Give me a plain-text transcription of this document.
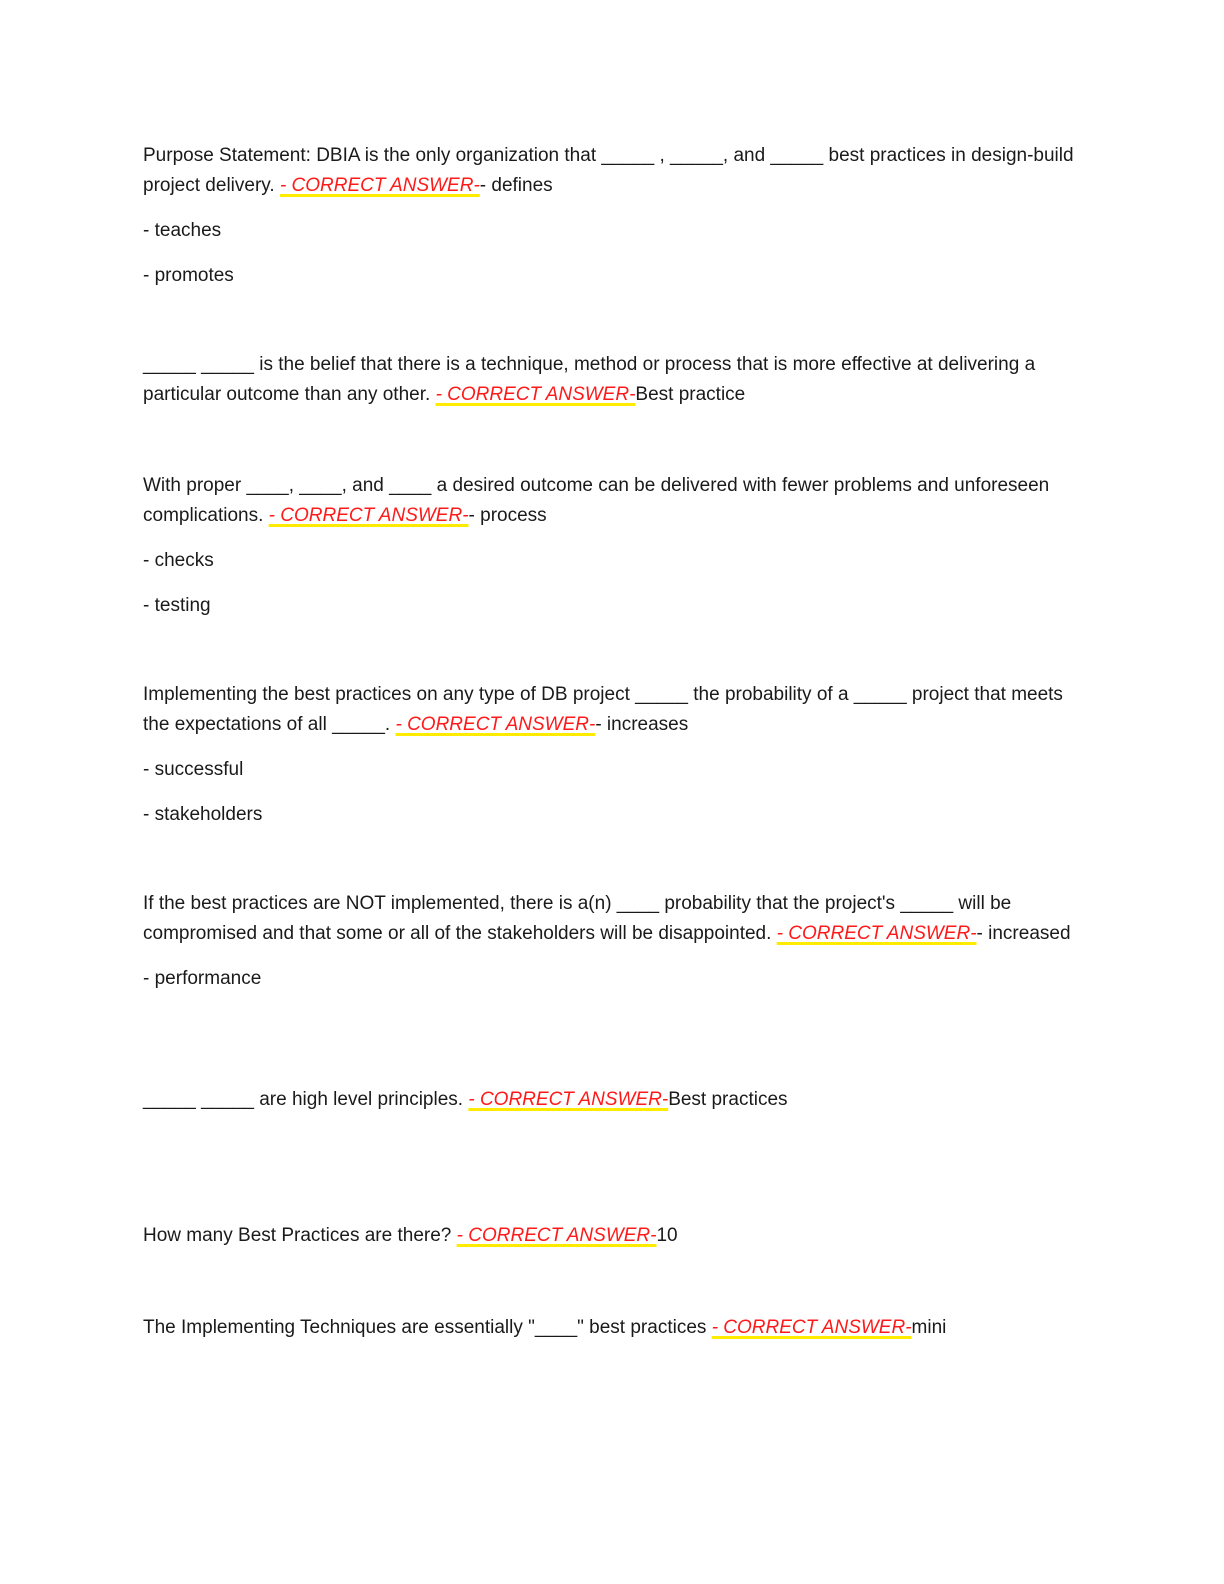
Purpose Statement: DBIA is the only organization that _____ , _____, and _____ best practices in design-build project delivery. - CORRECT ANSWER-- defines

- teaches
- promotes

_____ _____ is the belief that there is a technique, method or process that is more effective at delivering a particular outcome than any other. - CORRECT ANSWER-Best practice

With proper ____, ____, and ____ a desired outcome can be delivered with fewer problems and unforeseen complications. - CORRECT ANSWER-- process

- checks
- testing

Implementing the best practices on any type of DB project _____ the probability of a _____ project that meets the expectations of all _____. - CORRECT ANSWER-- increases

- successful
- stakeholders

If the best practices are NOT implemented, there is a(n) ____ probability that the project's _____ will be compromised and that some or all of the stakeholders will be disappointed. - CORRECT ANSWER-- increased

- performance

_____ _____ are high level principles. - CORRECT ANSWER-Best practices

How many Best Practices are there? - CORRECT ANSWER-10

The Implementing Techniques are essentially "____" best practices - CORRECT ANSWER-mini
